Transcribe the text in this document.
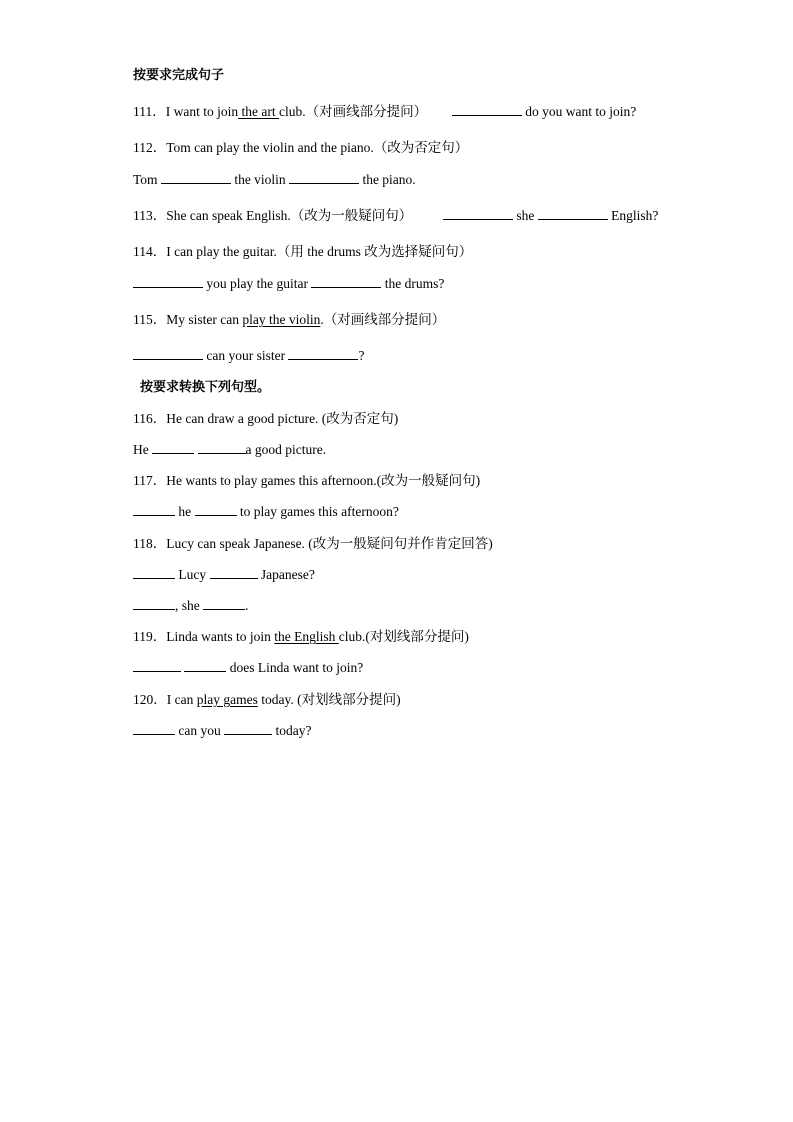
按要求完成句子
111．I want to join the art club.（对画线部分提问）	do you want to join?
112．Tom can play the violin and the piano.（改为否定句）
Tom	the violin	the piano.
113．She can speak English.（改为一般疑问句）	she	English?
114．I can play the guitar.（用 the drums 改为选择疑问句）
you play the guitar	the drums?
115．My sister can play the violin.（对画线部分提问）
can your sister	?
按要求转换下列句型。
116．He can draw a good picture. (改为否定句)
He	a good picture.
117．He wants to play games this afternoon.(改为一般疑问句)
he	to play games this afternoon?
118．Lucy can speak Japanese. (改为一般疑问句并作肯定回答)
Lucy	Japanese?
, she	.
119．Linda wants to join the English club.(对划线部分提问)
does Linda want to join?
120．I can play games today. (对划线部分提问)
can you	today?
